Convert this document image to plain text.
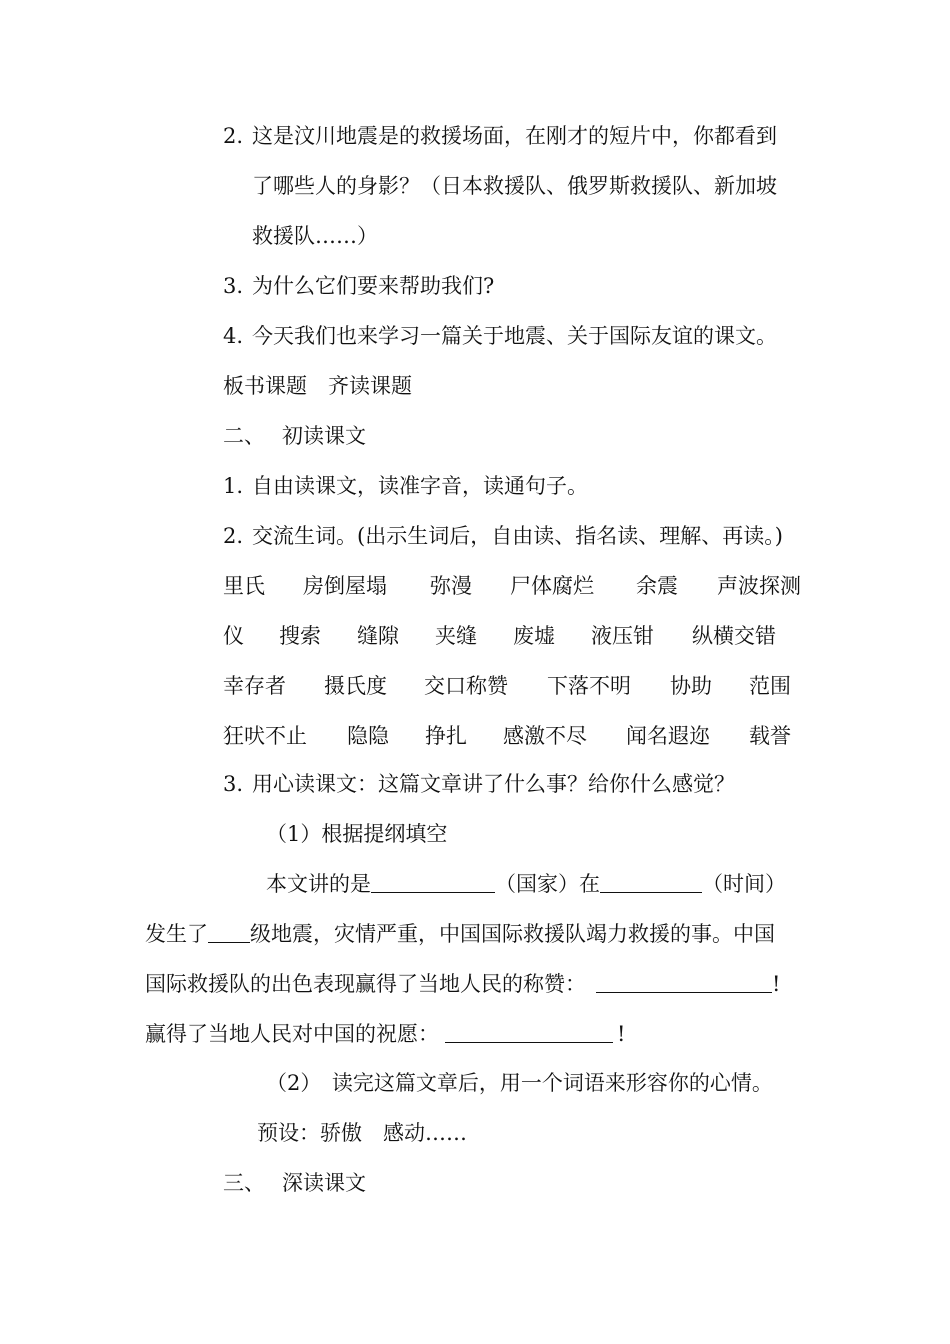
2. 这是汶川地震是的救援场面，在刚才的短片中，你都看到
了哪些人的身影？（日本救援队、俄罗斯救援队、新加坡
救援队……）
3. 为什么它们要来帮助我们?
4. 今天我们也来学习一篇关于地震、关于国际友谊的课文。
板书课题　齐读课题
二、 初读课文
1. 自由读课文，读准字音，读通句子。
2. 交流生词。(出示生词后，自由读、指名读、理解、再读。)
里氏 房倒屋塌 弥漫 尸体腐烂 余震 声波探测
仪 搜索 缝隙 夹缝 废墟 液压钳 纵横交错
幸存者 摄氏度 交口称赞 下落不明 协助 范围
狂吠不止 隐隐 挣扎 感激不尽 闻名遐迩 载誉
3. 用心读课文：这篇文章讲了什么事？给你什么感觉？
（1）根据提纲填空
本文讲的是	（国家）在	（时间）
发生了 级地震，灾情严重，中国国际救援队竭力救援的事。中国
国际救援队的出色表现赢得了当地人民的称赞：	!
赢得了当地人民对中国的祝愿：	!
（2）　读完这篇文章后，用一个词语来形容你的心情。
预设：骄傲　感动……
三、 深读课文
